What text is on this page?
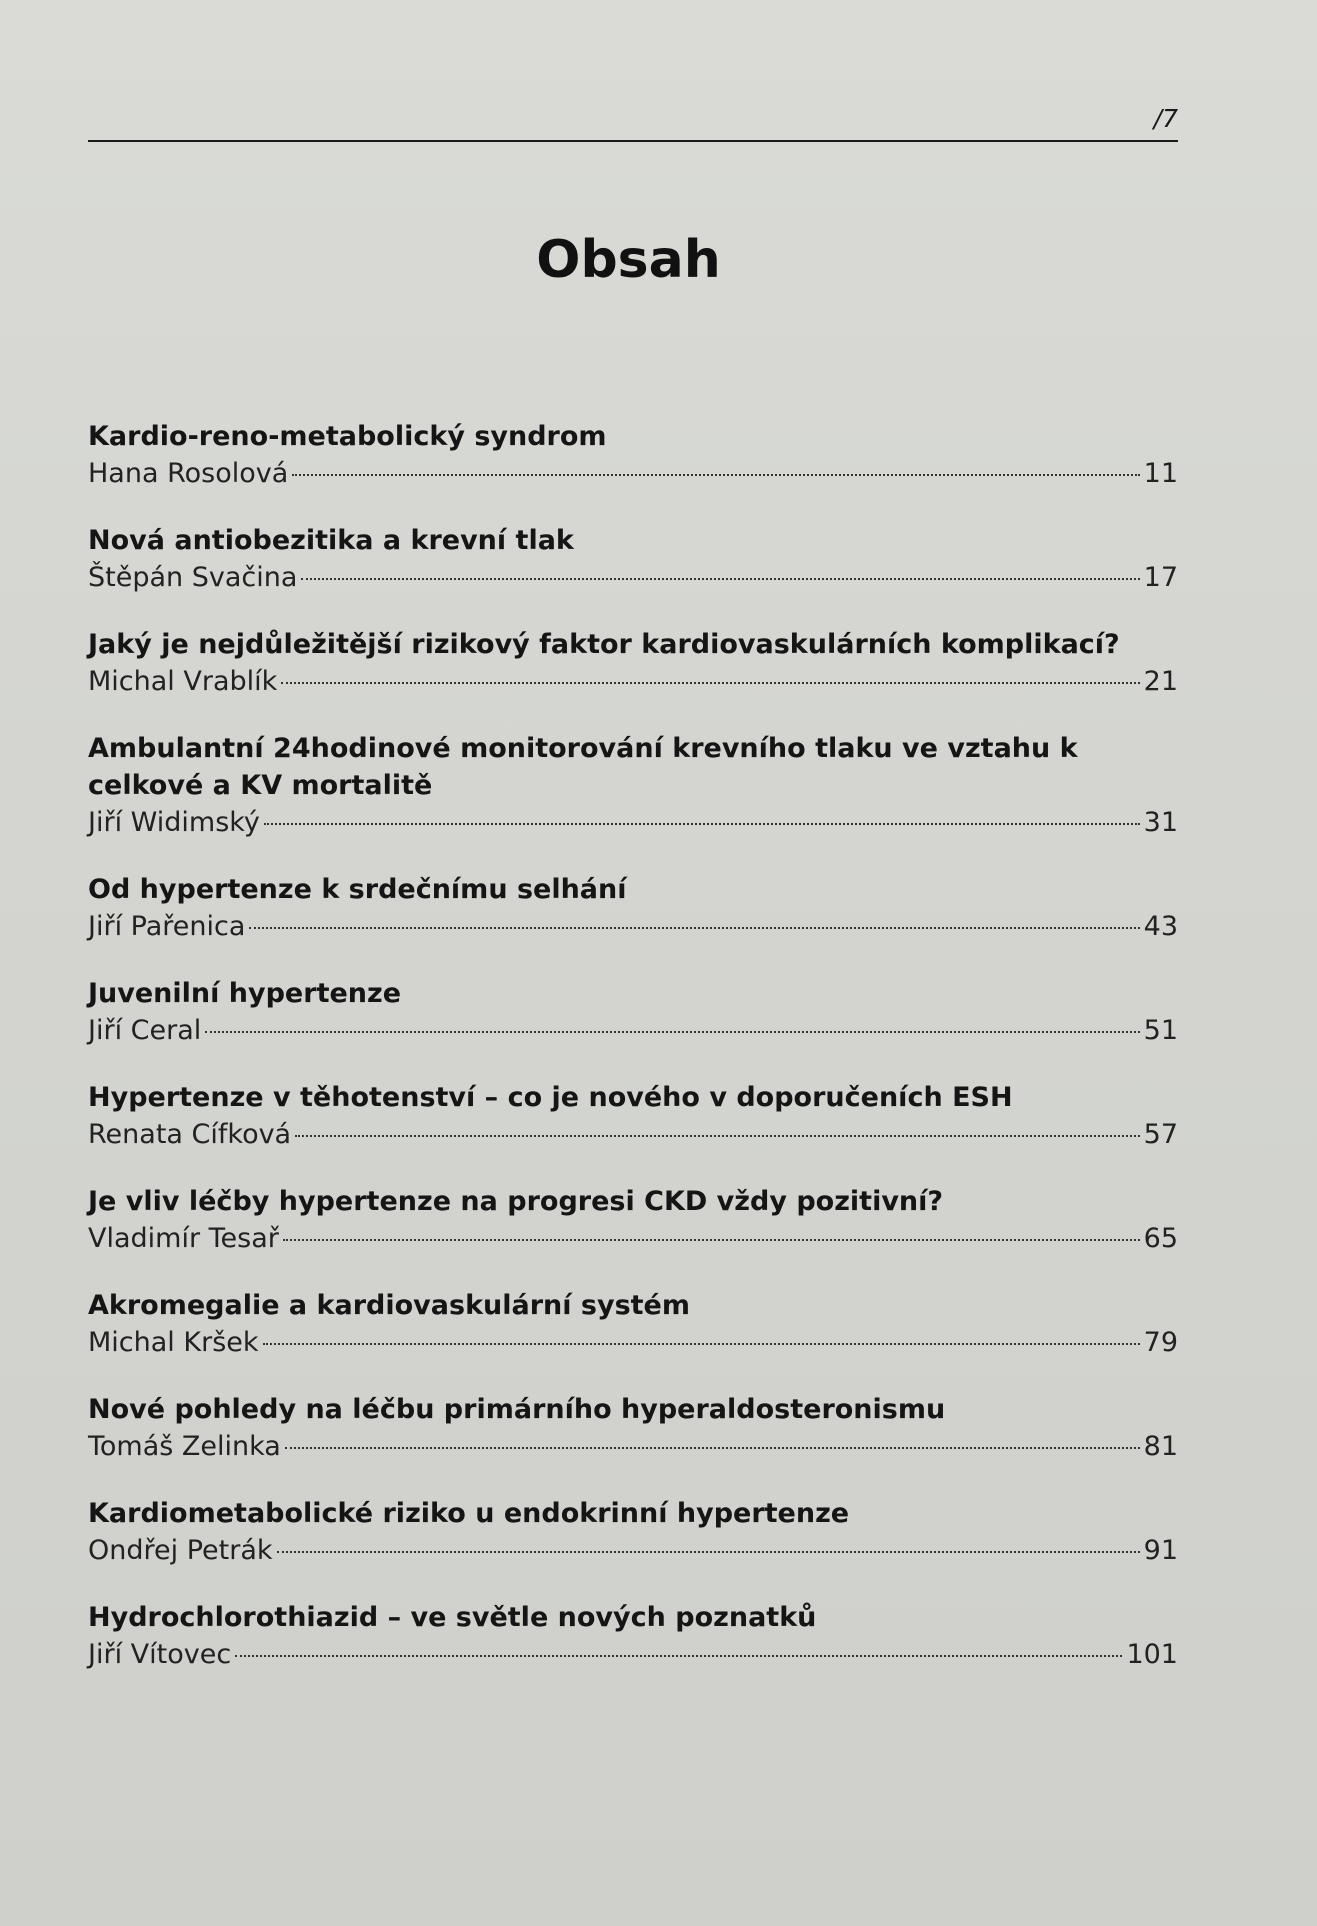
/7
Obsah
Kardio-reno-metabolický syndrom
Hana Rosolová	11
Nová antiobezitika a krevní tlak
Štěpán Svačina	17
Jaký je nejdůležitější rizikový faktor kardiovaskulárních komplikací?
Michal Vrablík	21
Ambulantní 24hodinové monitorování krevního tlaku ve vztahu k celkové a KV mortalitě
Jiří Widimský	31
Od hypertenze k srdečnímu selhání
Jiří Pařenica	43
Juvenilní hypertenze
Jiří Ceral	51
Hypertenze v těhotenství – co je nového v doporučeních ESH
Renata Cífková	57
Je vliv léčby hypertenze na progresi CKD vždy pozitivní?
Vladimír Tesař	65
Akromegalie a kardiovaskulární systém
Michal Kršek	79
Nové pohledy na léčbu primárního hyperaldosteronismu
Tomáš Zelinka	81
Kardiometabolické riziko u endokrinní hypertenze
Ondřej Petrák	91
Hydrochlorothiazid – ve světle nových poznatků
Jiří Vítovec	101
